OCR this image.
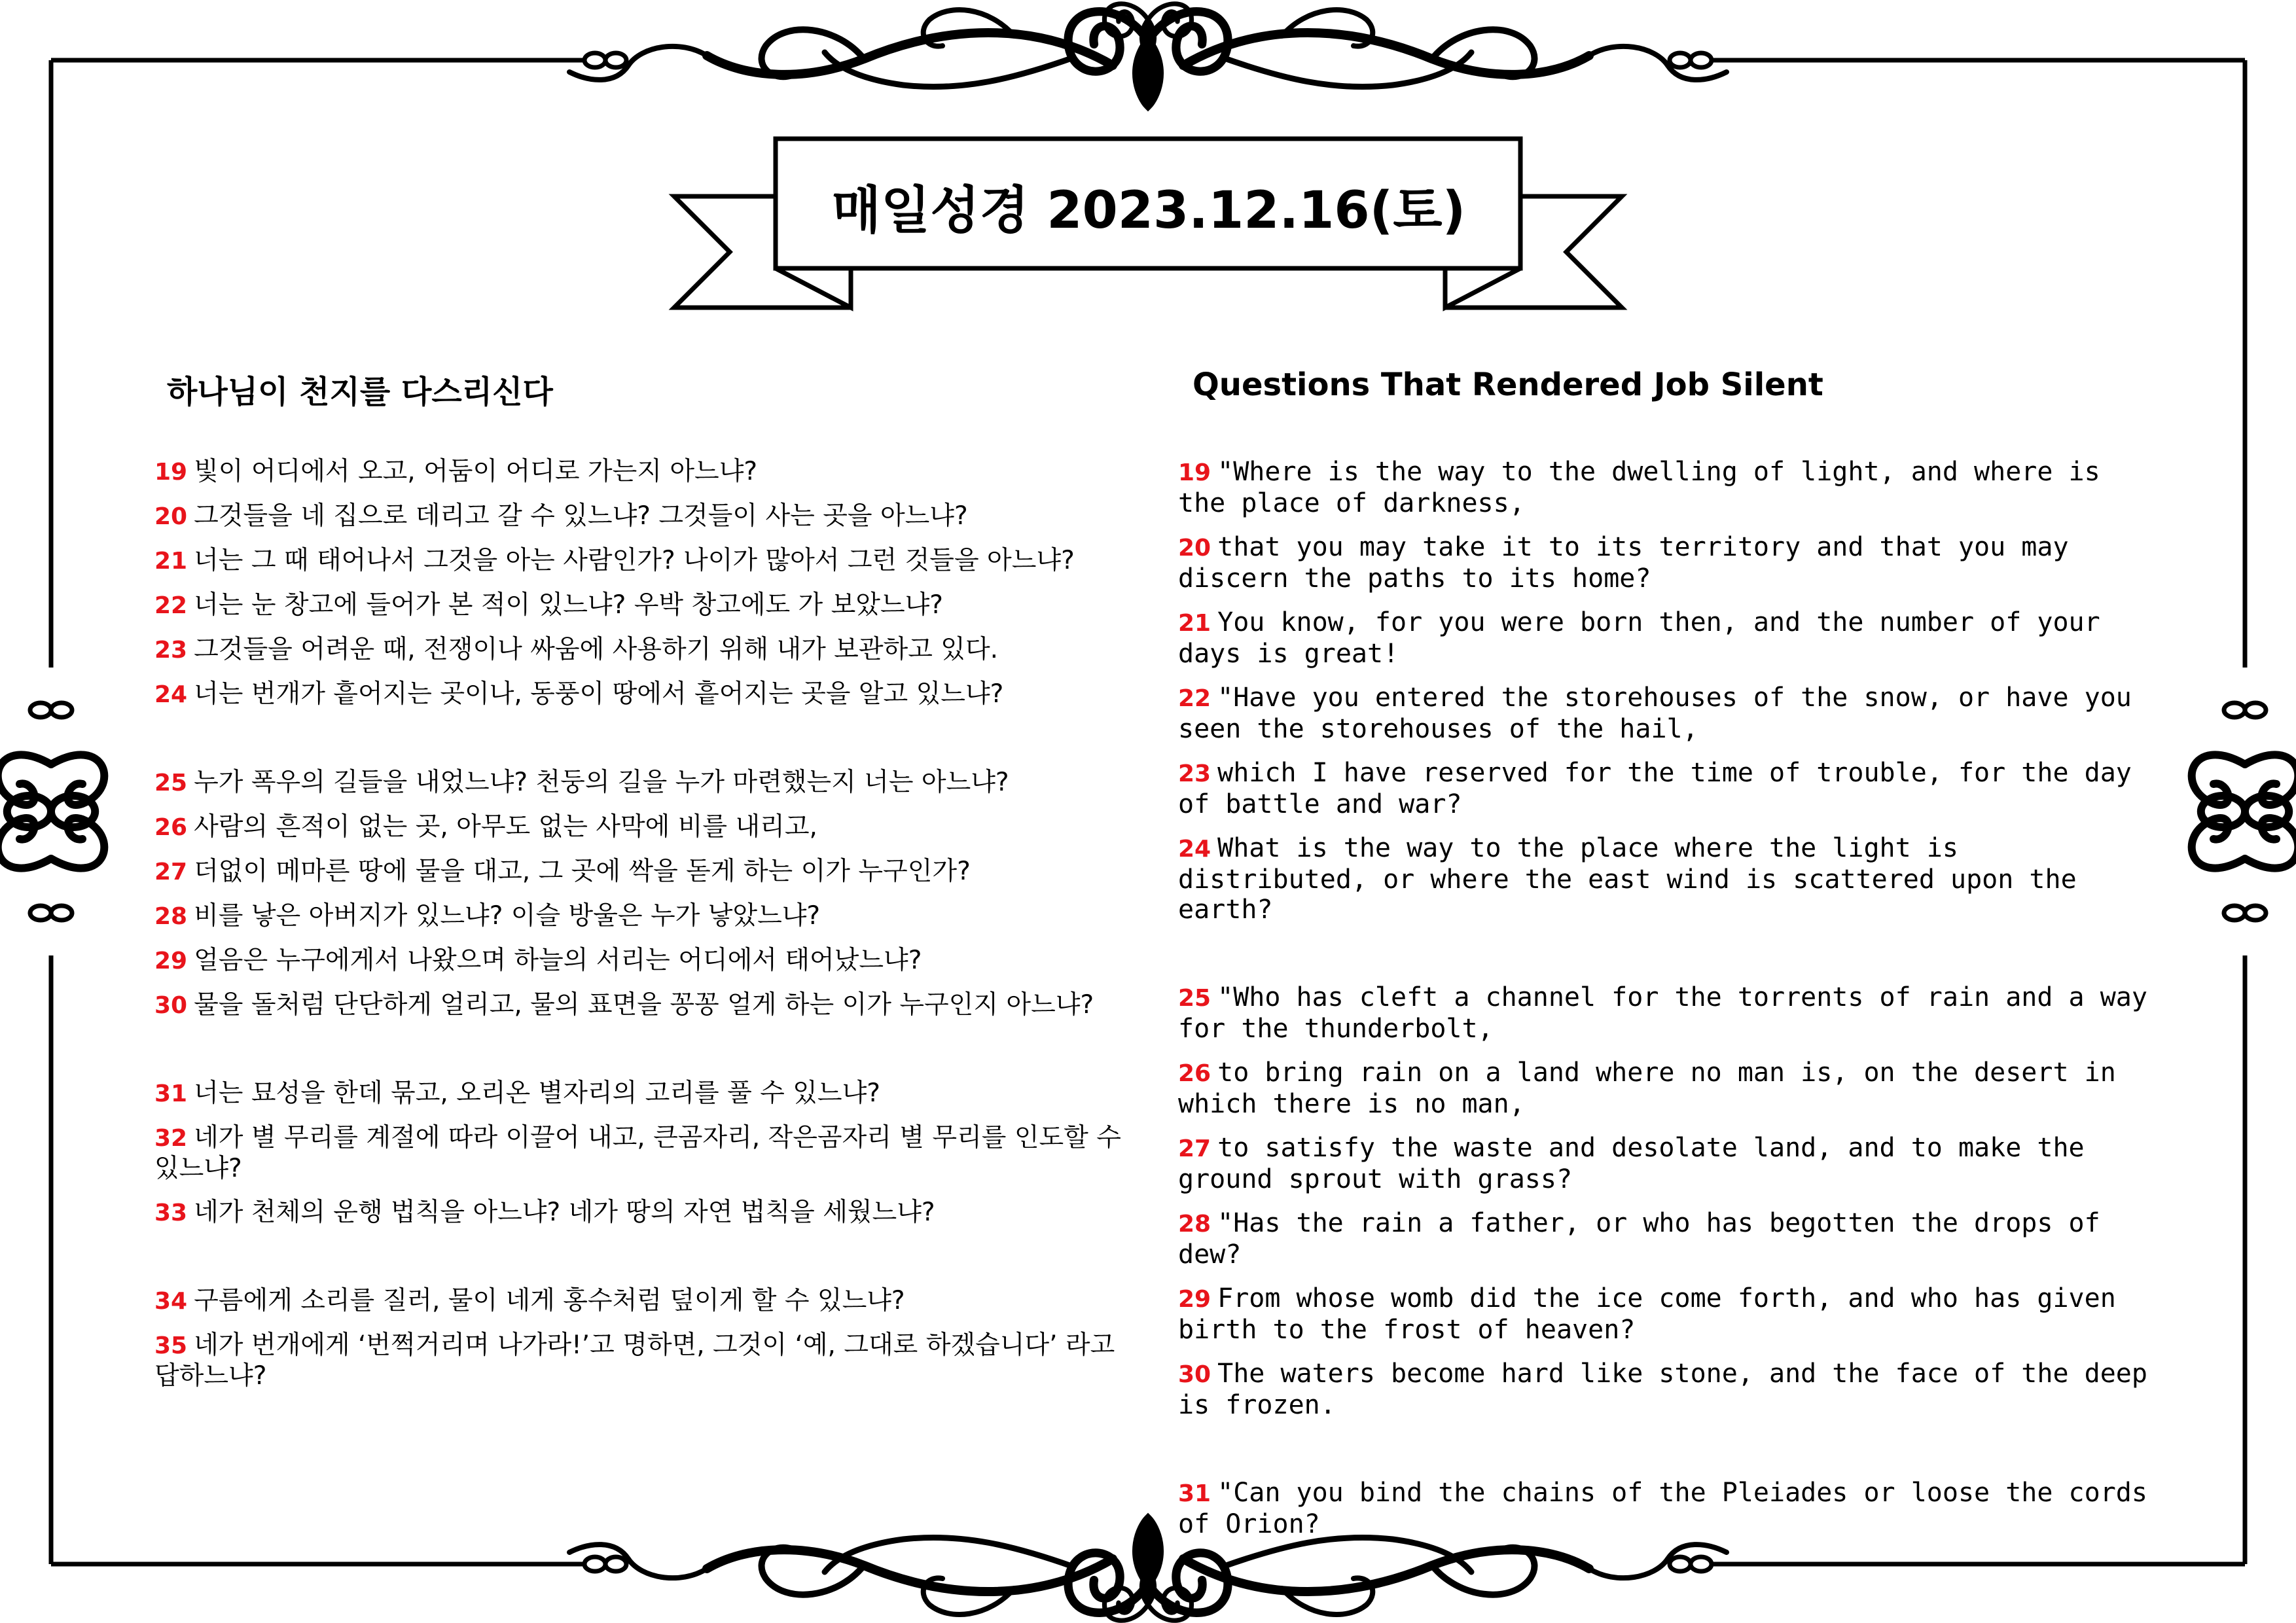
매일성경 2023.12.16(토)
하나님이 천지를 다스리신다	Questions That Rendered Job Silent
19 빛이 어디에서 오고, 어둠이 어디로 가는지 아느냐?
20 그것들을 네 집으로 데리고 갈 수 있느냐? 그것들이 사는 곳을 아느냐?
21 너는 그 때 태어나서 그것을 아는 사람인가? 나이가 많아서 그런 것들을 아느냐?
22 너는 눈 창고에 들어가 본 적이 있느냐? 우박 창고에도 가 보았느냐?
23 그것들을 어려운 때, 전쟁이나 싸움에 사용하기 위해 내가 보관하고 있다.
24 너는 번개가 흩어지는 곳이나, 동풍이 땅에서 흩어지는 곳을 알고 있느냐?
25 누가 폭우의 길들을 내었느냐? 천둥의 길을 누가 마련했는지 너는 아느냐?
26 사람의 흔적이 없는 곳, 아무도 없는 사막에 비를 내리고,
27 더없이 메마른 땅에 물을 대고, 그 곳에 싹을 돋게 하는 이가 누구인가?
28 비를 낳은 아버지가 있느냐? 이슬 방울은 누가 낳았느냐?
29 얼음은 누구에게서 나왔으며 하늘의 서리는 어디에서 태어났느냐?
30 물을 돌처럼 단단하게 얼리고, 물의 표면을 꽁꽁 얼게 하는 이가 누구인지 아느냐?
31 너는 묘성을 한데 묶고, 오리온 별자리의 고리를 풀 수 있느냐?
32 네가 별 무리를 계절에 따라 이끌어 내고, 큰곰자리, 작은곰자리 별 무리를 인도할 수 있느냐?
33 네가 천체의 운행 법칙을 아느냐? 네가 땅의 자연 법칙을 세웠느냐?
34 구름에게 소리를 질러, 물이 네게 홍수처럼 덮이게 할 수 있느냐?
35 네가 번개에게 ‘번쩍거리며 나가라!’고 명하면, 그것이 ‘예, 그대로 하겠습니다’ 라고 답하느냐?
19 "Where is the way to the dwelling of light, and where is the place of darkness,
20 that you may take it to its territory and that you may discern the paths to its home?
21 You know, for you were born then, and the number of your days is great!
22 "Have you entered the storehouses of the snow, or have you seen the storehouses of the hail,
23 which I have reserved for the time of trouble, for the day of battle and war?
24 What is the way to the place where the light is distributed, or where the east wind is scattered upon the earth?
25 "Who has cleft a channel for the torrents of rain and a way for the thunderbolt,
26 to bring rain on a land where no man is, on the desert in which there is no man,
27 to satisfy the waste and desolate land, and to make the ground sprout with grass?
28 "Has the rain a father, or who has begotten the drops of dew?
29 From whose womb did the ice come forth, and who has given birth to the frost of heaven?
30 The waters become hard like stone, and the face of the deep is frozen.
31 "Can you bind the chains of the Pleiades or loose the cords of Orion?
